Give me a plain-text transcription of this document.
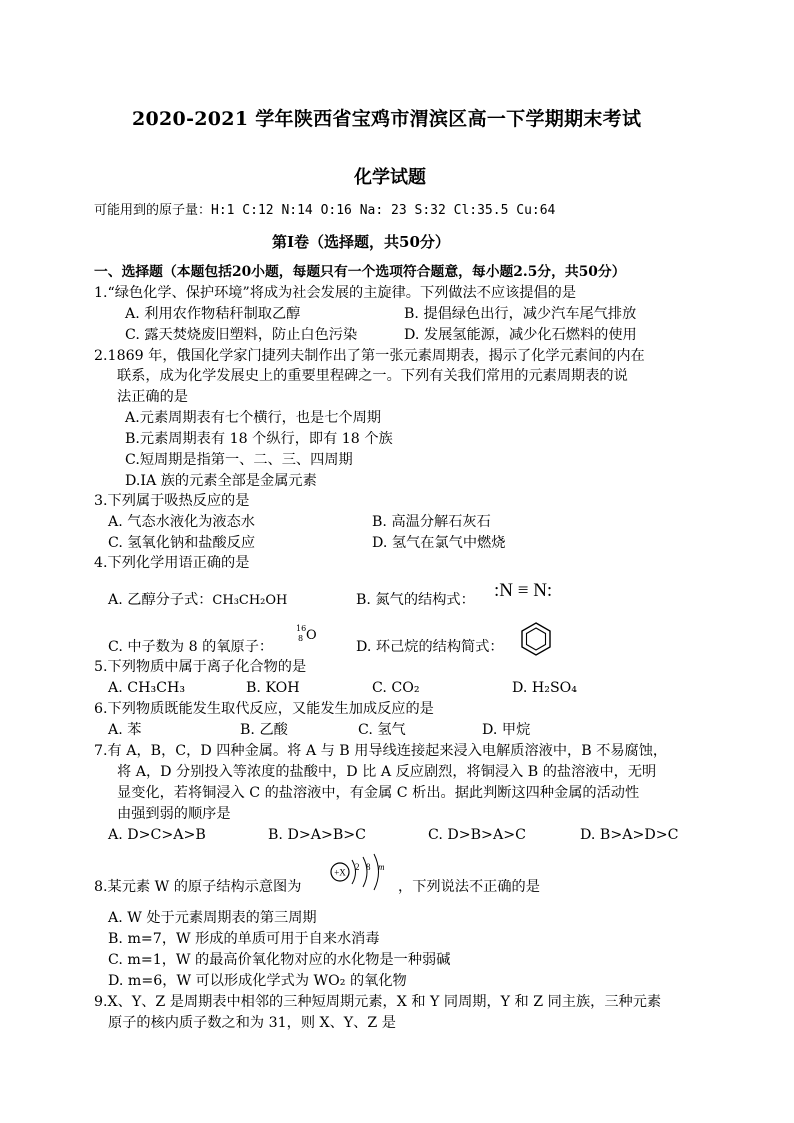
2020-2021 学年陕西省宝鸡市渭滨区高一下学期期末考试
化学试题
可能用到的原子量：H:1 C:12 N:14 O:16 Na: 23 S:32 Cl:35.5 Cu:64
第Ⅰ卷（选择题，共50分）
一、选择题（本题包括20小题，每题只有一个选项符合题意，每小题2.5分，共50分）
1.“绿色化学、保护环境”将成为社会发展的主旋律。下列做法不应该提倡的是
A. 利用农作物秸秆制取乙醇	B. 提倡绿色出行，减少汽车尾气排放
C. 露天焚烧废旧塑料，防止白色污染	D. 发展氢能源，减少化石燃料的使用
2.1869 年，俄国化学家门捷列夫制作出了第一张元素周期表，揭示了化学元素间的内在
联系，成为化学发展史上的重要里程碑之一。下列有关我们常用的元素周期表的说
法正确的是
A.元素周期表有七个横行，也是七个周期
B.元素周期表有 18 个纵行，即有 18 个族
C.短周期是指第一、二、三、四周期
D.IA 族的元素全部是金属元素
3.下列属于吸热反应的是
A. 气态水液化为液态水	B. 高温分解石灰石
C. 氢氧化钠和盐酸反应	D. 氢气在氯气中燃烧
4.下列化学用语正确的是
A. 乙醇分子式：CH₃CH₂OH	B. 氮气的结构式： :N ≡ N:
C. 中子数为 8 的氧原子：
16
8 O
D. 环己烷的结构简式：
5.下列物质中属于离子化合物的是
A. CH₃CH₃	B. KOH	C. CO₂	D. H₂SO₄
6.下列物质既能发生取代反应，又能发生加成反应的是
A. 苯	B. 乙酸	C. 氢气	D. 甲烷
7.有 A，B，C，D 四种金属。将 A 与 B 用导线连接起来浸入电解质溶液中，B 不易腐蚀，
将 A，D 分别投入等浓度的盐酸中，D 比 A 反应剧烈，将铜浸入 B 的盐溶液中，无明
显变化，若将铜浸入 C 的盐溶液中，有金属 C 析出。据此判断这四种金属的活动性
由强到弱的顺序是
A. D>C>A>B	B. D>A>B>C	C. D>B>A>C	D. B>A>D>C
8.某元素 W 的原子结构示意图为
+X
2 8 m
，下列说法不正确的是
A. W 处于元素周期表的第三周期
B. m=7，W 形成的单质可用于自来水消毒
C. m=1，W 的最高价氧化物对应的水化物是一种弱碱
D. m=6，W 可以形成化学式为 WO₂ 的氧化物
9.X、Y、Z 是周期表中相邻的三种短周期元素，X 和 Y 同周期，Y 和 Z 同主族，三种元素
原子的核内质子数之和为 31，则 X、Y、Z 是
